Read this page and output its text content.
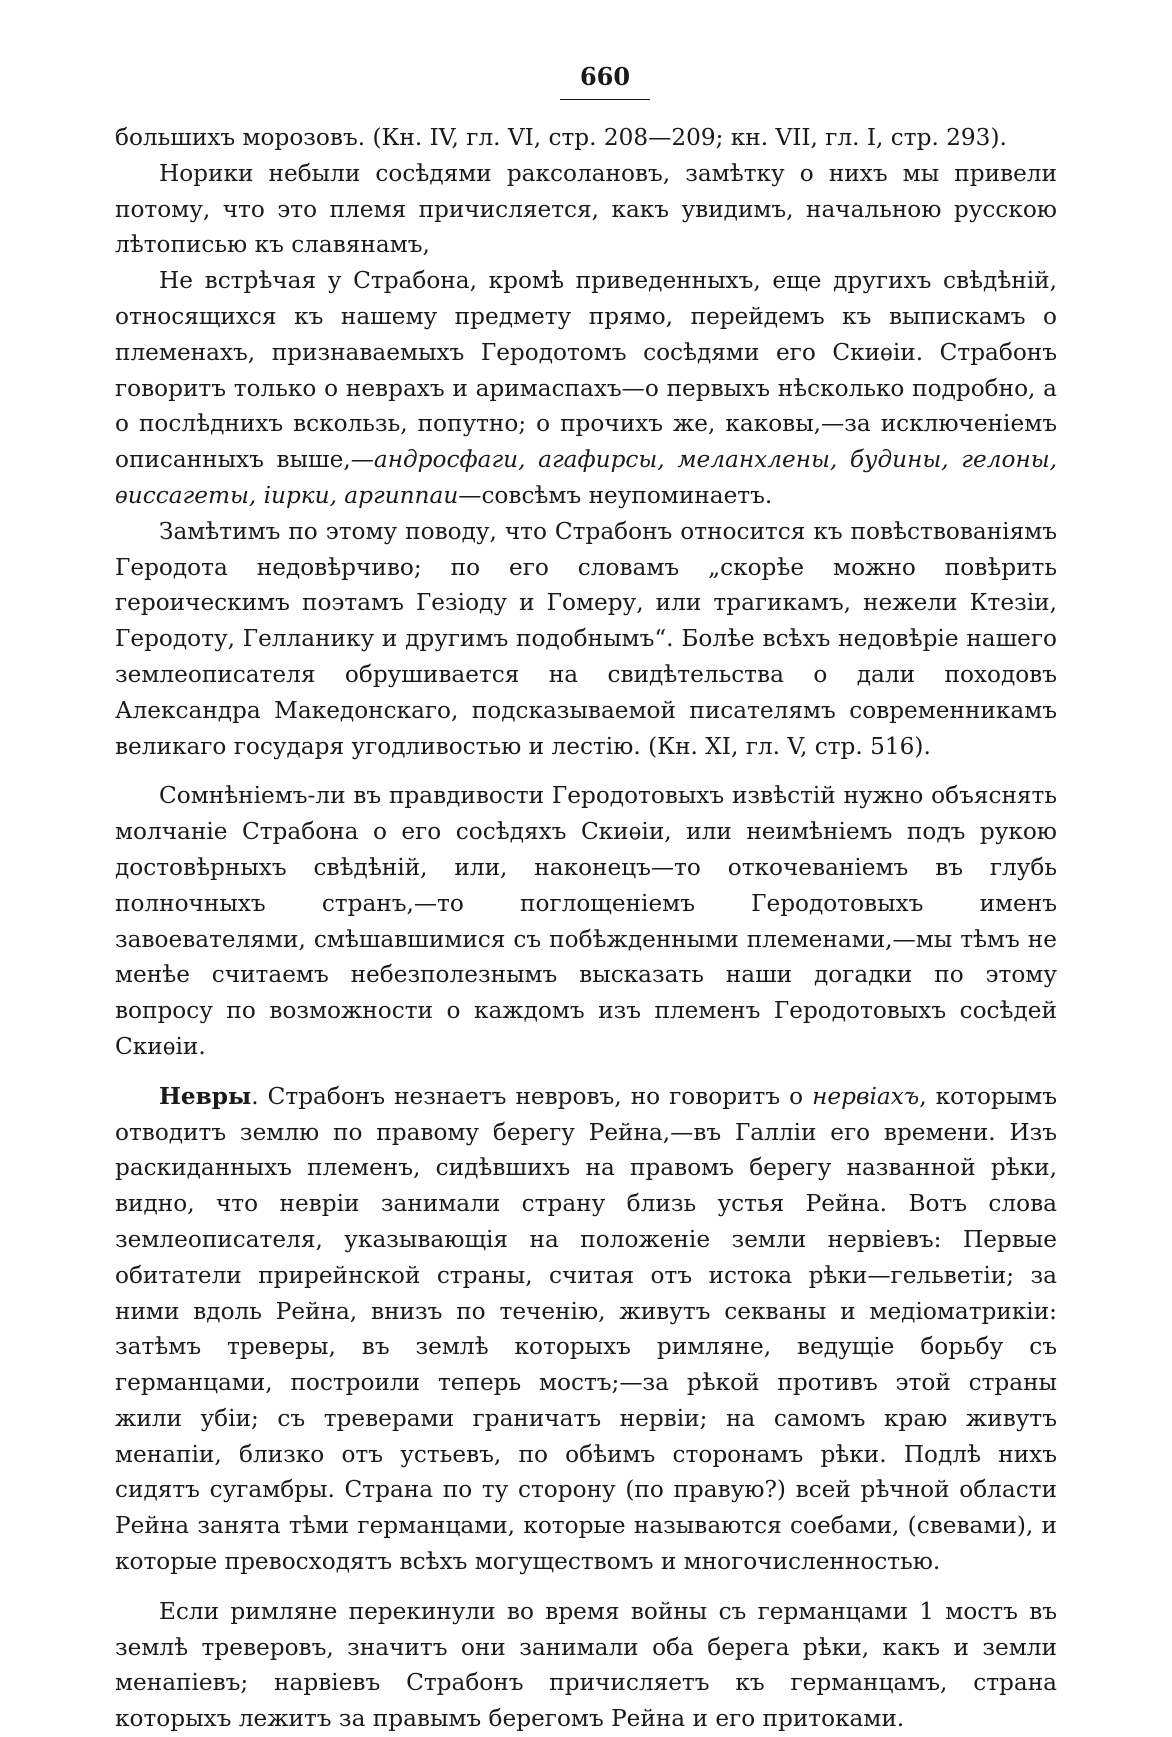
660

большихъ морозовъ. (Кн. IV, гл. VI, стр. 208—209; кн. VII, гл. I, стр. 293).

Норики небыли сосѣдями раксолановъ, замѣтку о нихъ мы привели потому, что это племя причисляется, какъ увидимъ, начальною русскою лѣтописью къ славянамъ,

Не встрѣчая у Страбона, кромѣ приведенныхъ, еще другихъ свѣдѣній, относящихся къ нашему предмету прямо, перейдемъ къ выпискамъ о племенахъ, признаваемыхъ Геродотомъ сосѣдями его Скиѳіи. Страбонъ говоритъ только о неврахъ и аримаспахъ—о первыхъ нѣсколько подробно, а о послѣднихъ вскользь, попутно; о прочихъ же, каковы,—за исключеніемъ описанныхъ выше,—андросфаги, агафирсы, меланхлены, будины, гелоны, ѳиссагеты, іирки, аргиппаи—совсѣмъ неупоминаетъ.

Замѣтимъ по этому поводу, что Страбонъ относится къ повѣствованіямъ Геродота недовѣрчиво; по его словамъ „скорѣе можно повѣрить героическимъ поэтамъ Гезіоду и Гомеру, или трагикамъ, нежели Ктезіи, Геродоту, Гелланику и другимъ подобнымъ“. Болѣе всѣхъ недовѣріе нашего землеописателя обрушивается на свидѣтельства о дали походовъ Александра Македонскаго, подсказываемой писателямъ современникамъ великаго государя угодливостью и лестію. (Кн. XI, гл. V, стр. 516).

Сомнѣніемъ-ли въ правдивости Геродотовыхъ извѣстій нужно объяснять молчаніе Страбона о его сосѣдяхъ Скиѳіи, или неимѣніемъ подъ рукою достовѣрныхъ свѣдѣній, или, наконецъ—то откочеваніемъ въ глубь полночныхъ странъ,—то поглощеніемъ Геродотовыхъ именъ завоевателями, смѣшавшимися съ побѣжденными племенами,—мы тѣмъ не менѣе считаемъ небезполезнымъ высказать наши догадки по этому вопросу по возможности о каждомъ изъ племенъ Геродотовыхъ сосѣдей Скиѳіи.

Невры. Страбонъ незнаетъ невровъ, но говоритъ о нервіахъ, которымъ отводитъ землю по правому берегу Рейна,—въ Галліи его времени. Изъ раскиданныхъ племенъ, сидѣвшихъ на правомъ берегу названной рѣки, видно, что невріи занимали страну близь устья Рейна. Вотъ слова землеописателя, указывающія на положеніе земли нервіевъ: Первые обитатели прирейнской страны, считая отъ истока рѣки—гельветіи; за ними вдоль Рейна, внизъ по теченію, живутъ секваны и медіоматрикіи: затѣмъ треверы, въ землѣ которыхъ римляне, ведущіе борьбу съ германцами, построили теперь мостъ;—за рѣкой противъ этой страны жили убіи; съ треверами граничатъ нервіи; на самомъ краю живутъ менапіи, близко отъ устьевъ, по обѣимъ сторонамъ рѣки. Подлѣ нихъ сидятъ сугамбры. Страна по ту сторону (по правую?) всей рѣчной области Рейна занята тѣми германцами, которые называются соебами, (свевами), и которые превосходятъ всѣхъ могуществомъ и многочисленностью.

Если римляне перекинули во время войны съ германцами 1 мостъ въ землѣ треверовъ, значитъ они занимали оба берега рѣки, какъ и земли менапіевъ; нарвіевъ Страбонъ причисляетъ къ германцамъ, страна которыхъ лежитъ за правымъ берегомъ Рейна и его притоками.
